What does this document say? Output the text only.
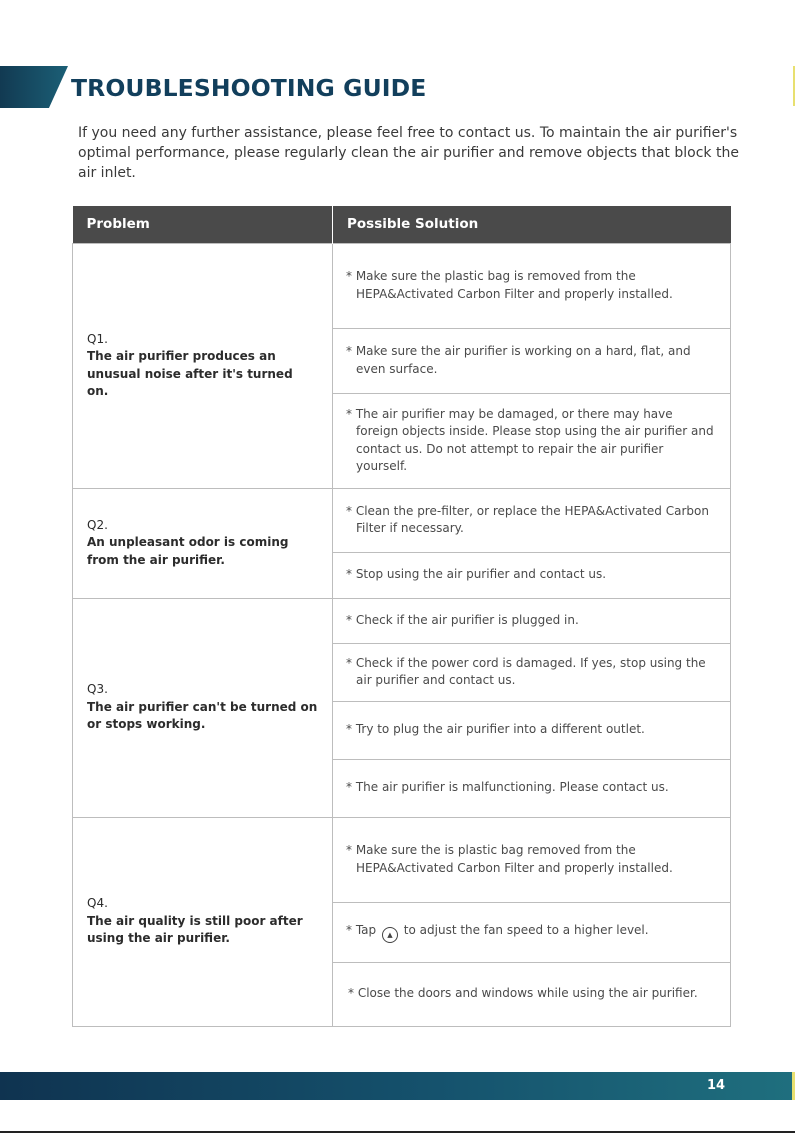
TROUBLESHOOTING GUIDE

If you need any further assistance, please feel free to contact us. To maintain the air purifier's optimal performance, please regularly clean the air purifier and remove objects that block the air inlet.

Problem	Possible Solution

Q1.
The air purifier produces an unusual noise after it's turned on.	* Make sure the plastic bag is removed from the HEPA&Activated Carbon Filter and properly installed.

	* Make sure the air purifier is working on a hard, flat, and even surface.

	* The air purifier may be damaged, or there may have foreign objects inside. Please stop using the air purifier and contact us. Do not attempt to repair the air purifier yourself.

Q2.
An unpleasant odor is coming from the air purifier.	* Clean the pre-filter, or replace the HEPA&Activated Carbon Filter if necessary.

	* Stop using the air purifier and contact us.

Q3.
The air purifier can't be turned on or stops working.	* Check if the air purifier is plugged in.

	* Check if the power cord is damaged. If yes, stop using the air purifier and contact us.

	* Try to plug the air purifier into a different outlet.

	* The air purifier is malfunctioning. Please contact us.

Q4.
The air quality is still poor after using the air purifier.	* Make sure the is plastic bag removed from the HEPA&Activated Carbon Filter and properly installed.

	* Tap ▲ to adjust the fan speed to a higher level.

	* Close the doors and windows while using the air purifier.
14
